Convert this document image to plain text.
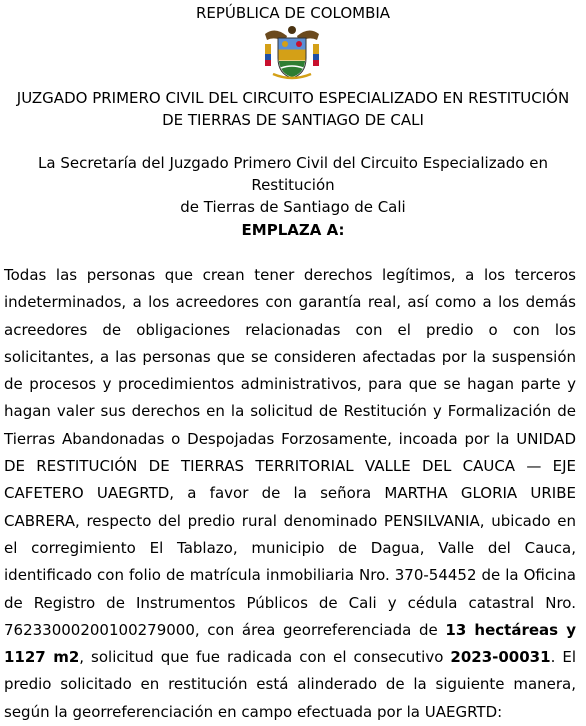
REPÚBLICA DE COLOMBIA
JUZGADO PRIMERO CIVIL DEL CIRCUITO ESPECIALIZADO EN RESTITUCIÓN
DE TIERRAS DE SANTIAGO DE CALI
La Secretaría del Juzgado Primero Civil del Circuito Especializado en Restitución
de Tierras de Santiago de Cali
EMPLAZA A:
Todas las personas que crean tener derechos legítimos, a los terceros indeterminados, a los acreedores con garantía real, así como a los demás acreedores de obligaciones relacionadas con el predio o con los solicitantes, a las personas que se consideren afectadas por la suspensión de procesos y procedimientos administrativos, para que se hagan parte y hagan valer sus derechos en la solicitud de Restitución y Formalización de Tierras Abandonadas o Despojadas Forzosamente, incoada por la UNIDAD DE RESTITUCIÓN DE TIERRAS TERRITORIAL VALLE DEL CAUCA — EJE CAFETERO UAEGRTD, a favor de la señora MARTHA GLORIA URIBE CABRERA, respecto del predio rural denominado PENSILVANIA, ubicado en el corregimiento El Tablazo, municipio de Dagua, Valle del Cauca, identificado con folio de matrícula inmobiliaria Nro. 370-54452 de la Oficina de Registro de Instrumentos Públicos de Cali y cédula catastral Nro. 76233000200100279000, con área georreferenciada de 13 hectáreas y 1127 m2, solicitud que fue radicada con el consecutivo 2023-00031. El predio solicitado en restitución está alinderado de la siguiente manera, según la georreferenciación en campo efectuada por la UAEGRTD:
